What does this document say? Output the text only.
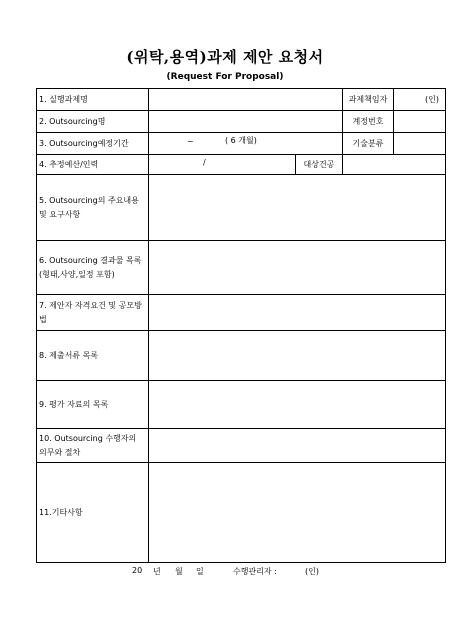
(위탁,용역)과제 제안 요청서
(Request For Proposal)
1. 실행과제명			과제책임자	(인)
2. Outsourcing명			계정번호	
3. Outsourcing예정기간	~ ( 6 개월)		기술분류	
4. 추정예산/인력	/	대상건공		
5. Outsourcing의 주요내용 및 요구사항				
6. Outsourcing 결과물 목록 (형태,사양,일정 포함)				
7. 제안자 자격요건 및 공모방법				
8. 제출서류 목록				
9. 평가 자료의 목록				
10. Outsourcing 수행자의 의무와 절차				
11.기타사항				
20 년 월 일	수행관리자 :	(인)
